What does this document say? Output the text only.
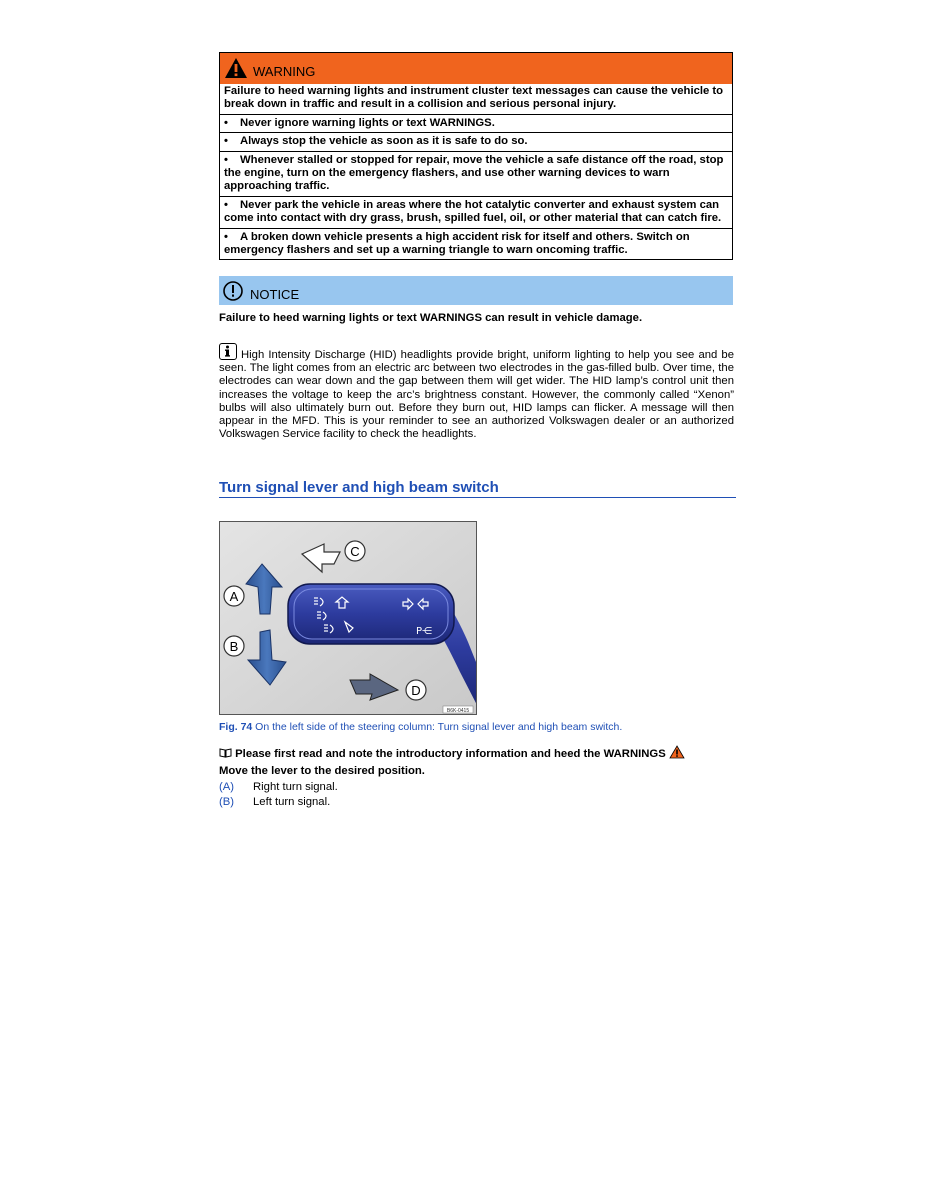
WARNING

Failure to heed warning lights and instrument cluster text messages can cause the vehicle to break down in traffic and result in a collision and serious personal injury.

• Never ignore warning lights or text WARNINGS.

• Always stop the vehicle as soon as it is safe to do so.

• Whenever stalled or stopped for repair, move the vehicle a safe distance off the road, stop the engine, turn on the emergency flashers, and use other warning devices to warn approaching traffic.

• Never park the vehicle in areas where the hot catalytic converter and exhaust system can come into contact with dry grass, brush, spilled fuel, oil, or other material that can catch fire.

• A broken down vehicle presents a high accident risk for itself and others. Switch on emergency flashers and set up a warning triangle to warn oncoming traffic.

NOTICE
Failure to heed warning lights or text WARNINGS can result in vehicle damage.
High Intensity Discharge (HID) headlights provide bright, uniform lighting to help you see and be seen. The light comes from an electric arc between two electrodes in the gas-filled bulb. Over time, the electrodes can wear down and the gap between them will get wider. The HID lamp’s control unit then increases the voltage to keep the arc’s brightness constant. However, the commonly called “Xenon” bulbs will also ultimately burn out. Before they burn out, HID lamps can flicker. A message will then appear in the MFD. This is your reminder to see an authorized Volkswagen dealer or an authorized Volkswagen Service facility to check the headlights.
Turn signal lever and high beam switch
P⋲
A
B
C
D
B6K-0415
Fig. 74 On the left side of the steering column: Turn signal lever and high beam switch.
Please first read and note the introductory information and heed the WARNINGS
Move the lever to the desired position.
(A) Right turn signal.
(B) Left turn signal.
